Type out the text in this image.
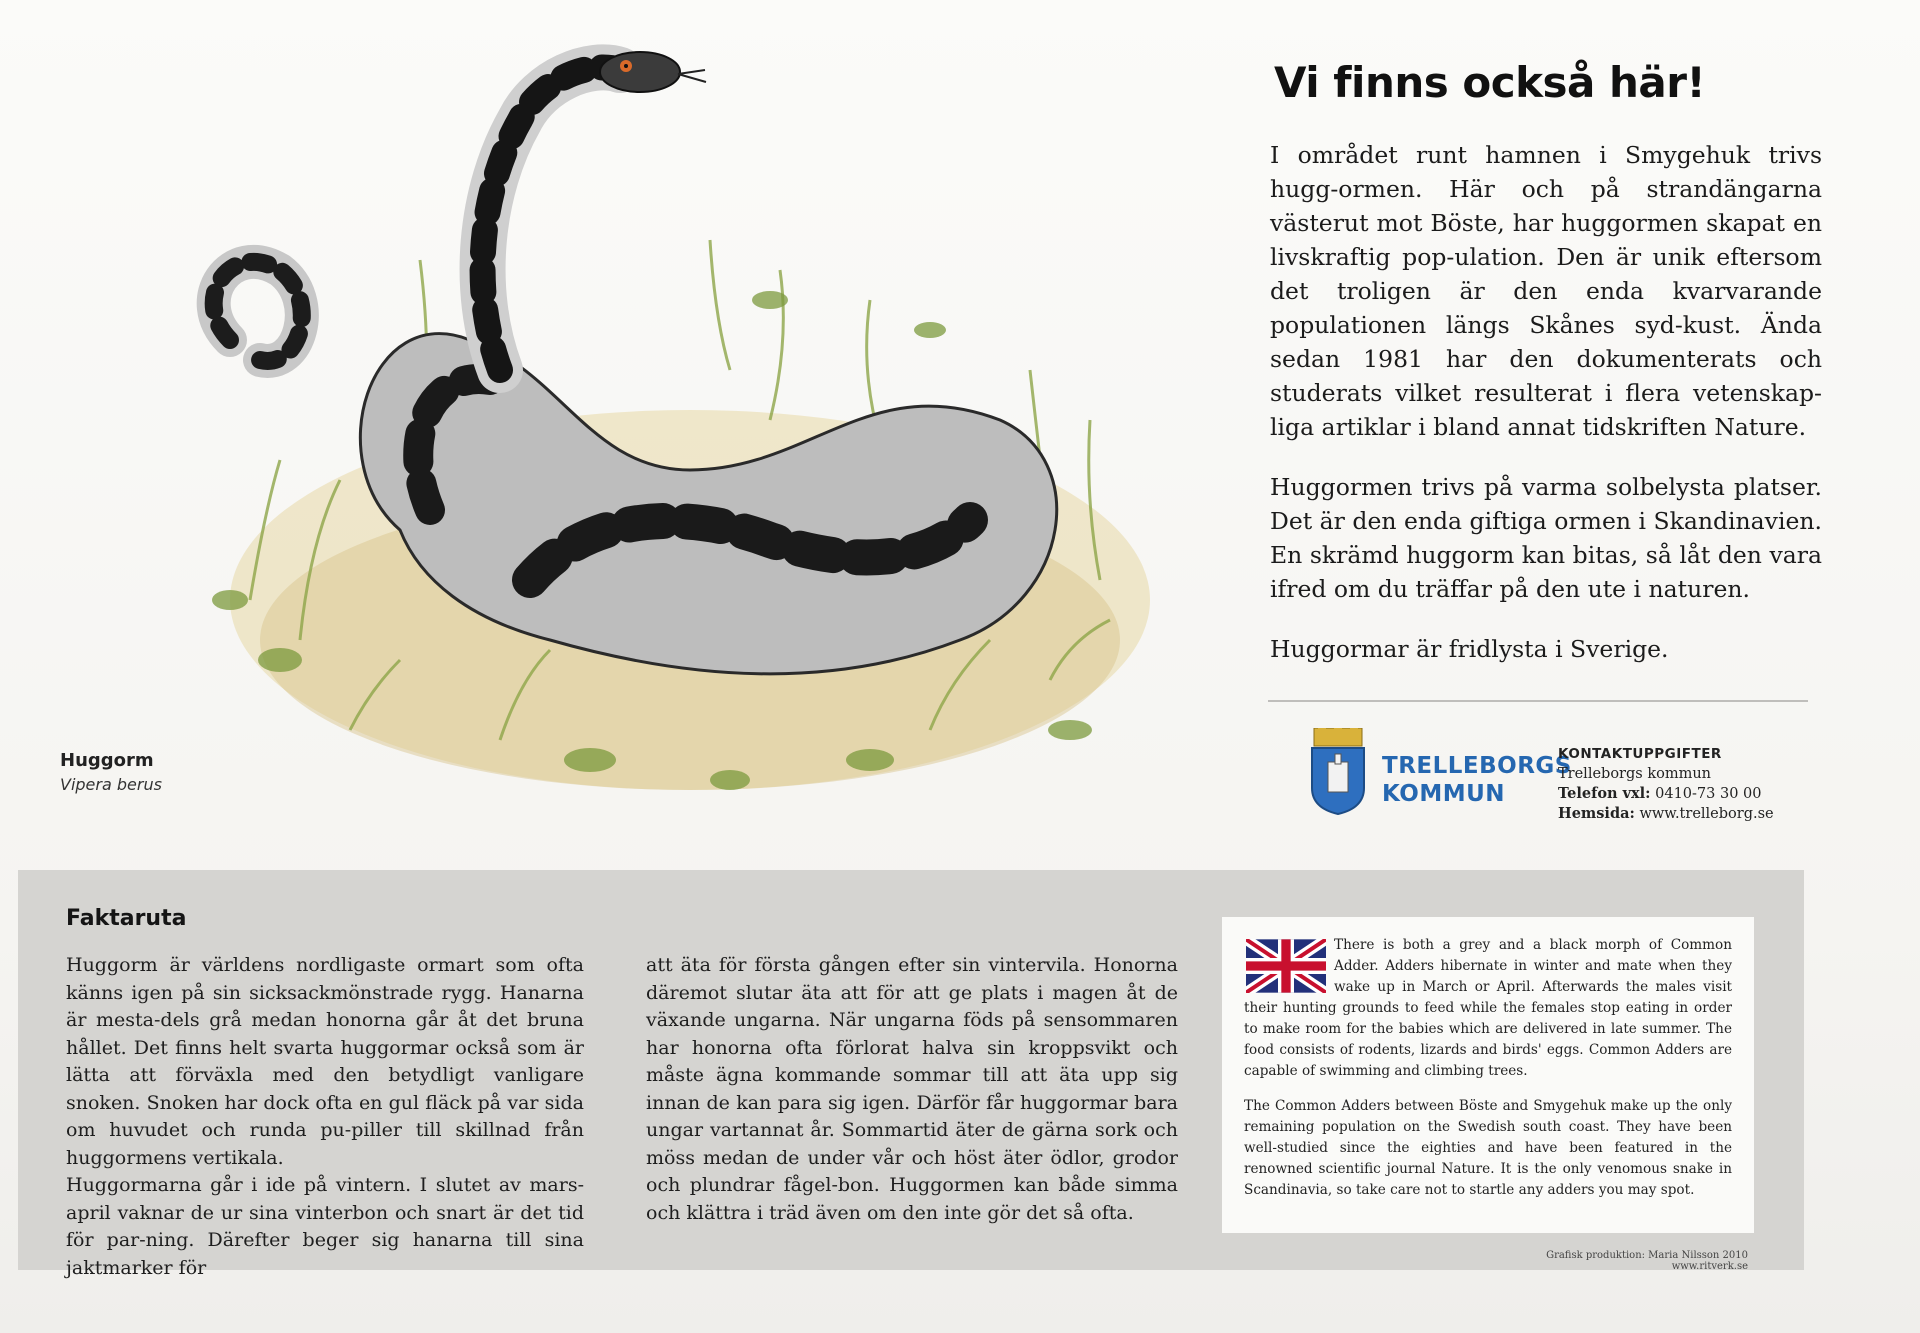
Huggorm
Vipera berus
Vi finns också här!

I området runt hamnen i Smygehuk trivs hugg-ormen. Här och på strandängarna västerut mot Böste, har huggormen skapat en livskraftig pop-ulation. Den är unik eftersom det troligen är den enda kvarvarande populationen längs Skånes syd-kust. Ända sedan 1981 har den dokumenterats och studerats vilket resulterat i flera vetenskap-liga artiklar i bland annat tidskriften Nature.

Huggormen trivs på varma solbelysta platser. Det är den enda giftiga ormen i Skandinavien. En skrämd huggorm kan bitas, så låt den vara ifred om du träffar på den ute i naturen.

Huggormar är fridlysta i Sverige.

TRELLEBORGS
KOMMUN
KONTAKTUPPGIFTER
Trelleborgs kommun
Telefon vxl: 0410-73 30 00
Hemsida: www.trelleborg.se
Faktaruta

Huggorm är världens nordligaste ormart som ofta känns igen på sin sicksackmönstrade rygg. Hanarna är mesta-dels grå medan honorna går åt det bruna hållet. Det finns helt svarta huggormar också som är lätta att förväxla med den betydligt vanligare snoken. Snoken har dock ofta en gul fläck på var sida om huvudet och runda pu-piller till skillnad från huggormens vertikala.

Huggormarna går i ide på vintern. I slutet av mars-april vaknar de ur sina vinterbon och snart är det tid för par-ning. Därefter beger sig hanarna till sina jaktmarker för

att äta för första gången efter sin vintervila. Honorna däremot slutar äta att för att ge plats i magen åt de växande ungarna. När ungarna föds på sensommaren har honorna ofta förlorat halva sin kroppsvikt och måste ägna kommande sommar till att äta upp sig innan de kan para sig igen. Därför får huggormar bara ungar vartannat år. Sommartid äter de gärna sork och möss medan de under vår och höst äter ödlor, grodor och plundrar fågel-bon. Huggormen kan både simma och klättra i träd även om den inte gör det så ofta.

There is both a grey and a black morph of Common Adder. Adders hibernate in winter and mate when they wake up in March or April. Afterwards the males visit their hunting grounds to feed while the females stop eating in order to make room for the babies which are delivered in late summer. The food consists of rodents, lizards and birds' eggs. Common Adders are capable of swimming and climbing trees.

The Common Adders between Böste and Smygehuk make up the only remaining population on the Swedish south coast. They have been well-studied since the eighties and have been featured in the renowned scientific journal Nature. It is the only venomous snake in Scandinavia, so take care not to startle any adders you may spot.

Grafisk produktion: Maria Nilsson 2010 www.ritverk.se
